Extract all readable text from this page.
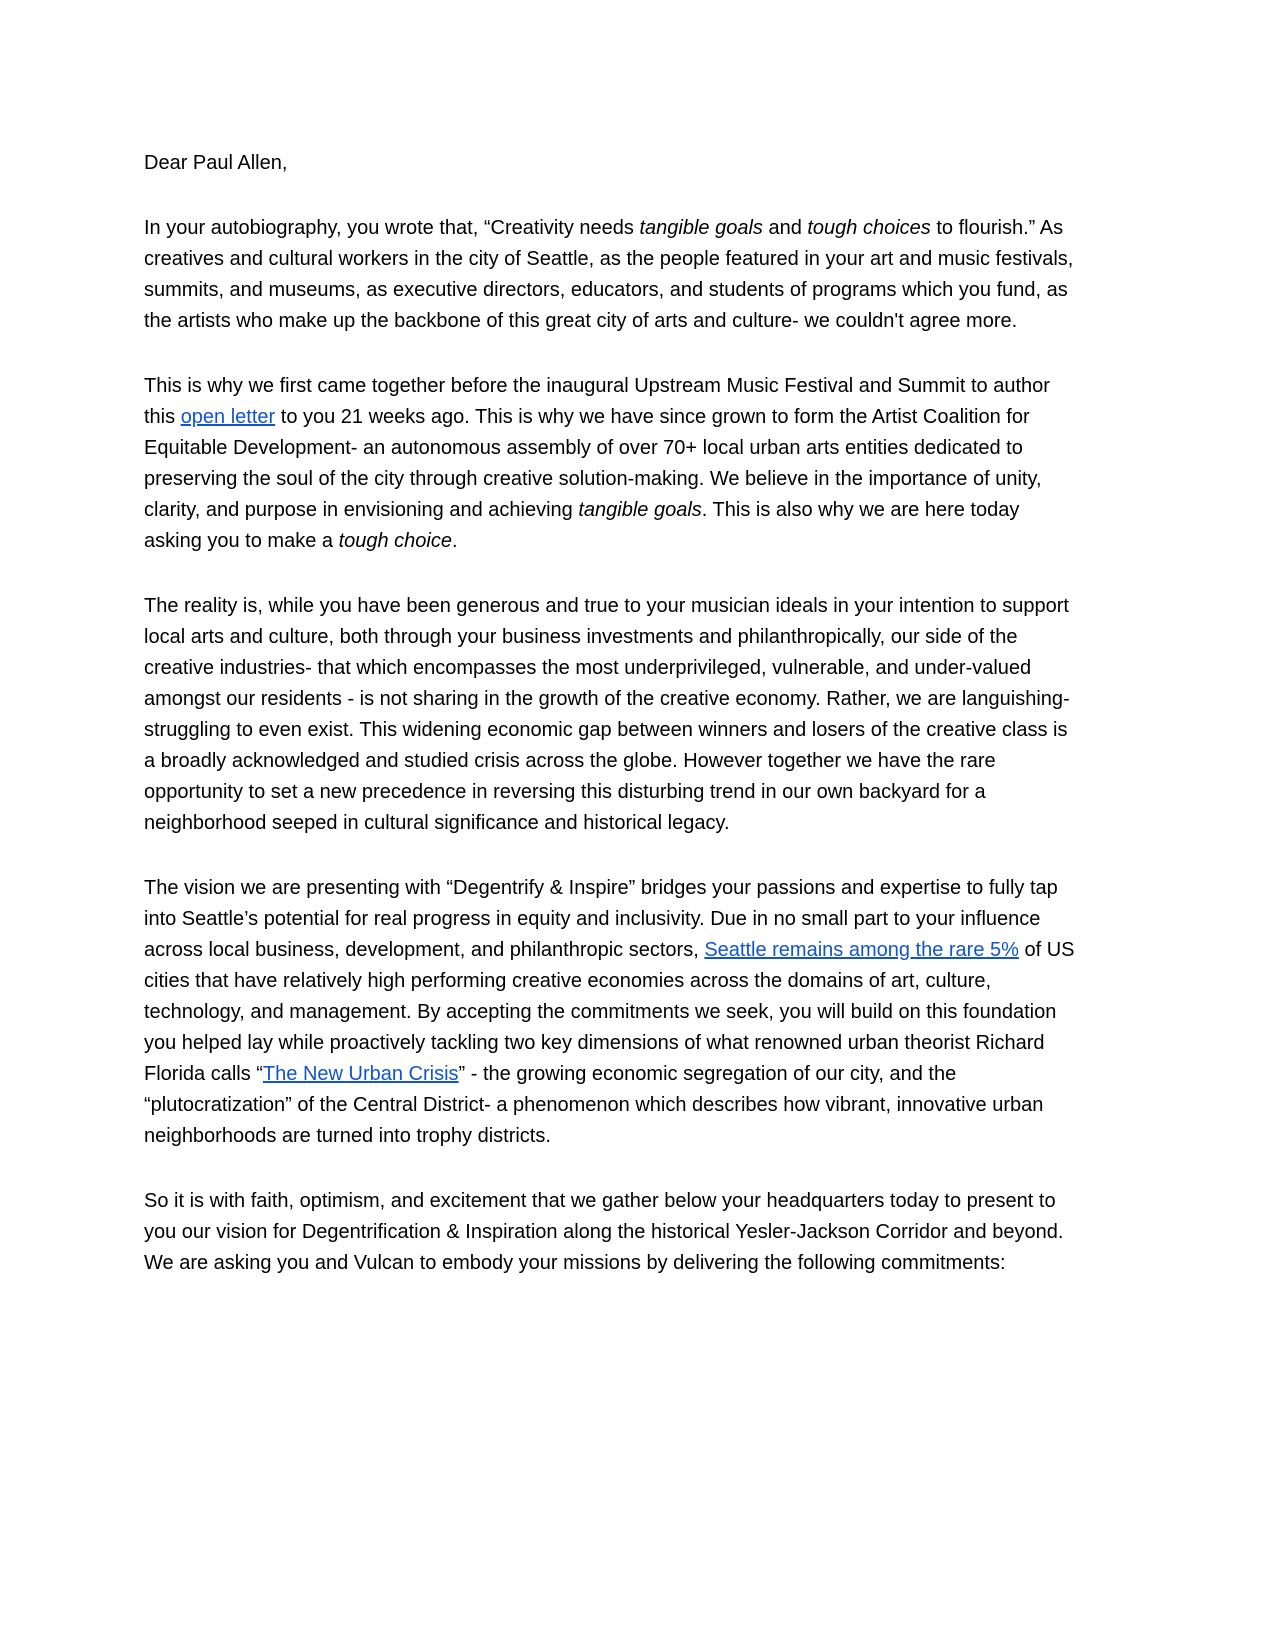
Dear Paul Allen,

In your autobiography, you wrote that, “Creativity needs tangible goals and tough choices to flourish.” As creatives and cultural workers in the city of Seattle, as the people featured in your art and music festivals, summits, and museums, as executive directors, educators, and students of programs which you fund, as the artists who make up the backbone of this great city of arts and culture- we couldn't agree more.

This is why we first came together before the inaugural Upstream Music Festival and Summit to author this open letter to you 21 weeks ago. This is why we have since grown to form the Artist Coalition for Equitable Development- an autonomous assembly of over 70+ local urban arts entities dedicated to preserving the soul of the city through creative solution-making. We believe in the importance of unity, clarity, and purpose in envisioning and achieving tangible goals. This is also why we are here today asking you to make a tough choice.

The reality is, while you have been generous and true to your musician ideals in your intention to support local arts and culture, both through your business investments and philanthropically, our side of the creative industries- that which encompasses the most underprivileged, vulnerable, and under-valued amongst our residents - is not sharing in the growth of the creative economy. Rather, we are languishing- struggling to even exist. This widening economic gap between winners and losers of the creative class is a broadly acknowledged and studied crisis across the globe. However together we have the rare opportunity to set a new precedence in reversing this disturbing trend in our own backyard for a neighborhood seeped in cultural significance and historical legacy.

The vision we are presenting with “Degentrify & Inspire” bridges your passions and expertise to fully tap into Seattle’s potential for real progress in equity and inclusivity. Due in no small part to your influence across local business, development, and philanthropic sectors, Seattle remains among the rare 5% of US cities that have relatively high performing creative economies across the domains of art, culture, technology, and management. By accepting the commitments we seek, you will build on this foundation you helped lay while proactively tackling two key dimensions of what renowned urban theorist Richard Florida calls “The New Urban Crisis” - the growing economic segregation of our city, and the “plutocratization” of the Central District- a phenomenon which describes how vibrant, innovative urban neighborhoods are turned into trophy districts.

So it is with faith, optimism, and excitement that we gather below your headquarters today to present to you our vision for Degentrification & Inspiration along the historical Yesler-Jackson Corridor and beyond. We are asking you and Vulcan to embody your missions by delivering the following commitments:
